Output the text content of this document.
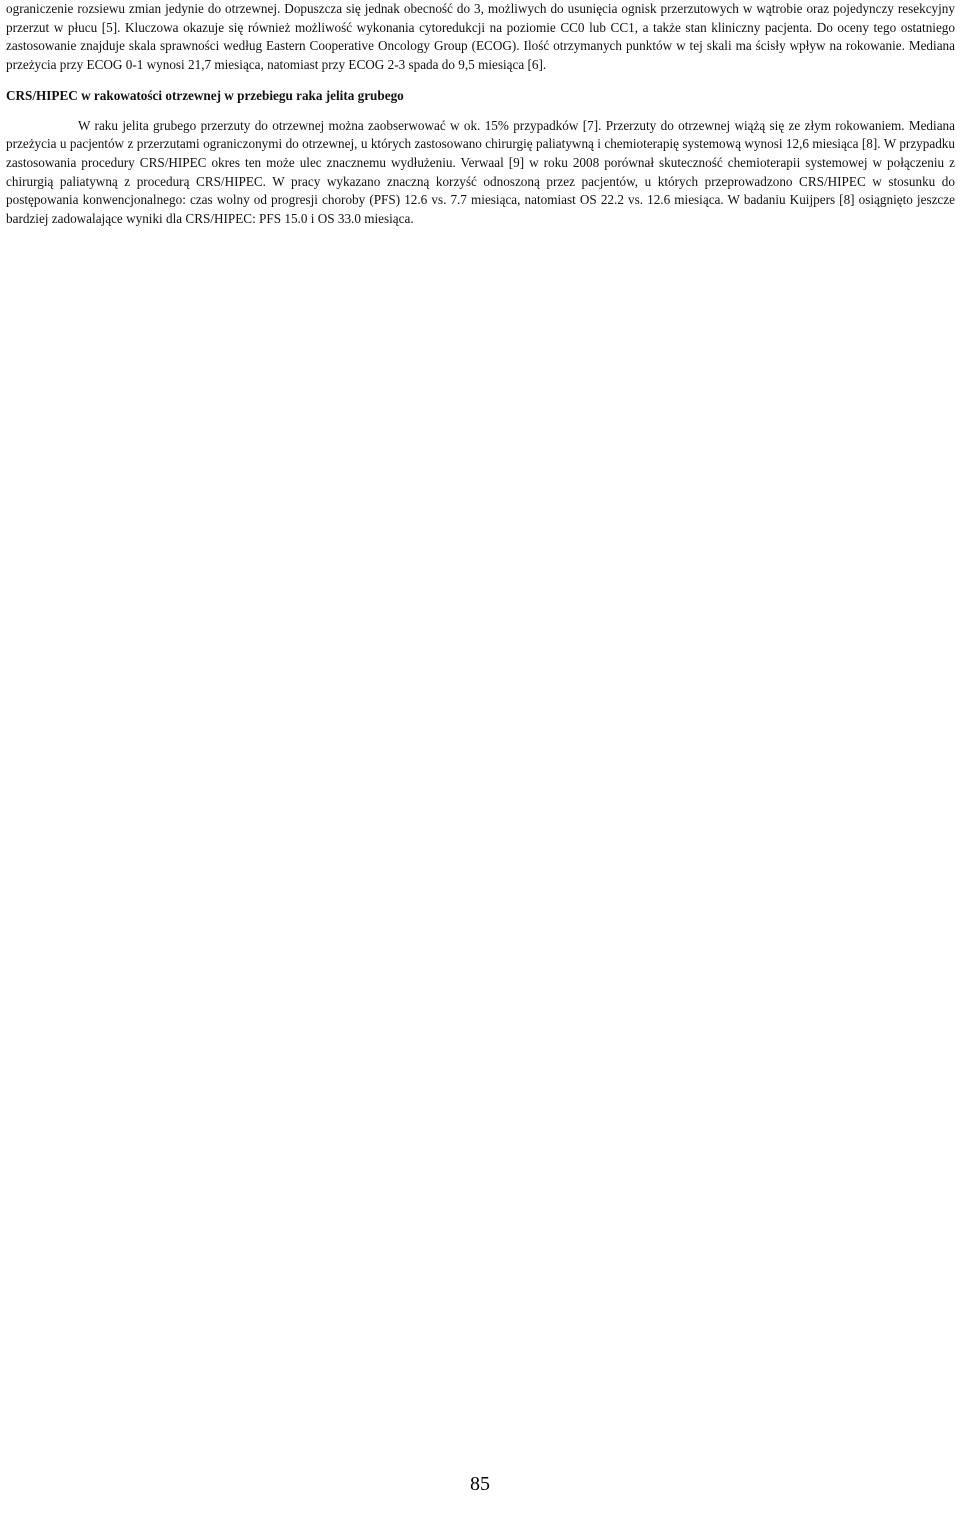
ograniczenie rozsiewu zmian jedynie do otrzewnej. Dopuszcza się jednak obecność do 3, możliwych do usunięcia ognisk przerzutowych w wątrobie oraz pojedynczy resekcyjny przerzut w płucu [5]. Kluczowa okazuje się również możliwość wykonania cytoredukcji na poziomie CC0 lub CC1, a także stan kliniczny pacjenta. Do oceny tego ostatniego zastosowanie znajduje skala sprawności według Eastern Cooperative Oncology Group (ECOG). Ilość otrzymanych punktów w tej skali ma ścisły wpływ na rokowanie. Mediana przeżycia przy ECOG 0-1 wynosi 21,7 miesiąca, natomiast przy ECOG 2-3 spada do 9,5 miesiąca [6].

CRS/HIPEC w rakowatości otrzewnej w przebiegu raka jelita grubego

W raku jelita grubego przerzuty do otrzewnej można zaobserwować w ok. 15% przypadków [7]. Przerzuty do otrzewnej wiążą się ze złym rokowaniem. Mediana przeżycia u pacjentów z przerzutami ograniczonymi do otrzewnej, u których zastosowano chirurgię paliatywną i chemioterapię systemową wynosi 12,6 miesiąca [8]. W przypadku zastosowania procedury CRS/HIPEC okres ten może ulec znacznemu wydłużeniu. Verwaal [9] w roku 2008 porównał skuteczność chemioterapii systemowej w połączeniu z chirurgią paliatywną z procedurą CRS/HIPEC. W pracy wykazano znaczną korzyść odnoszoną przez pacjentów, u których przeprowadzono CRS/HIPEC w stosunku do postępowania konwencjonalnego: czas wolny od progresji choroby (PFS) 12.6 vs. 7.7 miesiąca, natomiast OS 22.2 vs. 12.6 miesiąca. W badaniu Kuijpers [8] osiągnięto jeszcze bardziej zadowalające wyniki dla CRS/HIPEC: PFS 15.0 i OS 33.0 miesiąca.

85
